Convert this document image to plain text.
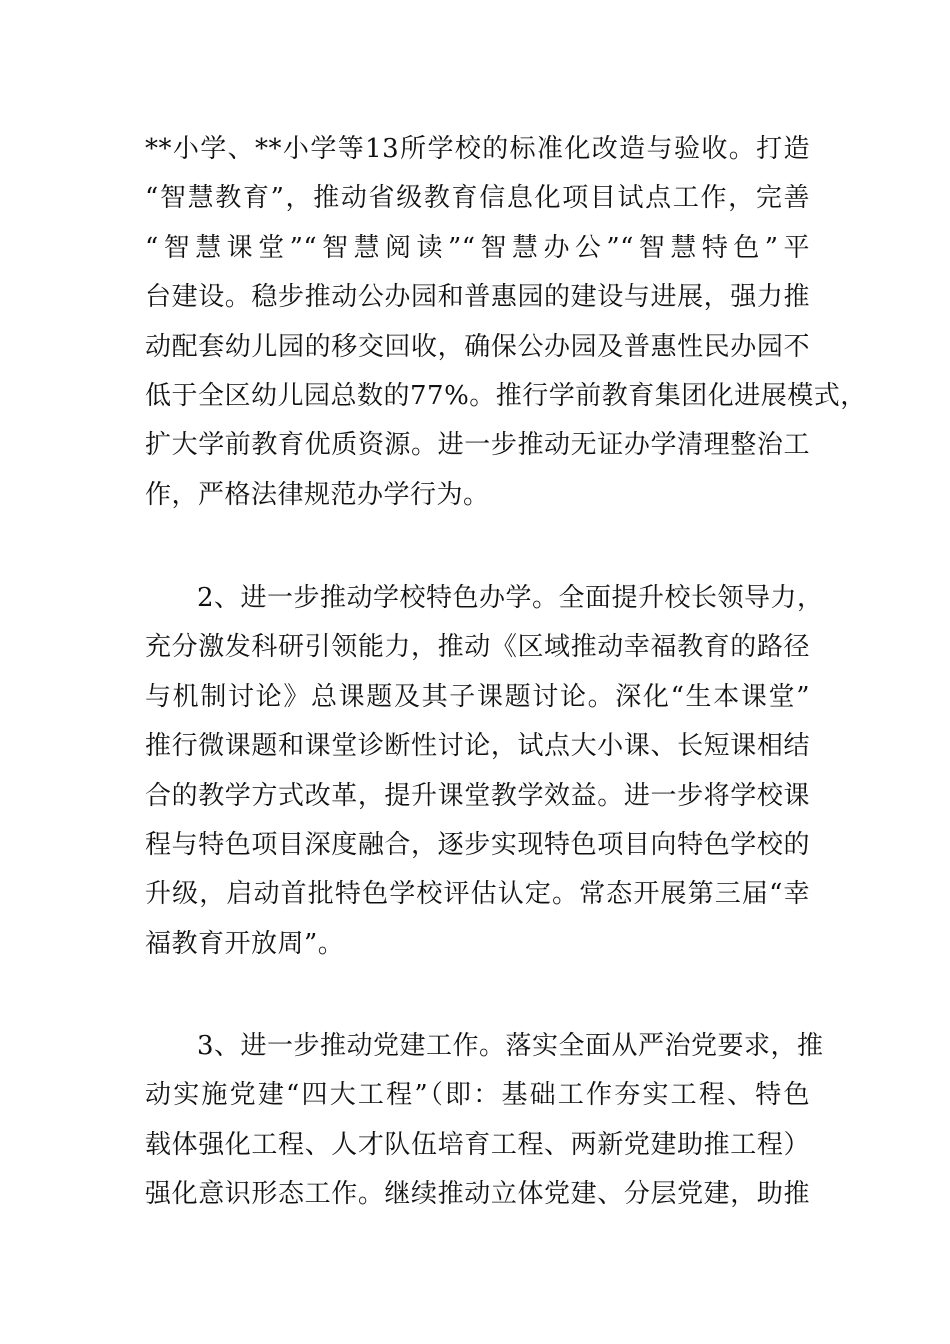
**小学、**小学等13所学校的标准化改造与验收。打造
“智慧教育”，推动省级教育信息化项目试点工作，完善
“智慧课堂”“智慧阅读”“智慧办公”“智慧特色”平
台建设。稳步推动公办园和普惠园的建设与进展，强力推
动配套幼儿园的移交回收，确保公办园及普惠性民办园不
低于全区幼儿园总数的77%。推行学前教育集团化进展模式，
扩大学前教育优质资源。进一步推动无证办学清理整治工
作，严格法律规范办学行为。
2、进一步推动学校特色办学。全面提升校长领导力，
充分激发科研引领能力，推动《区域推动幸福教育的路径
与机制讨论》总课题及其子课题讨论。深化“生本课堂”
推行微课题和课堂诊断性讨论，试点大小课、长短课相结
合的教学方式改革，提升课堂教学效益。进一步将学校课
程与特色项目深度融合，逐步实现特色项目向特色学校的
升级，启动首批特色学校评估认定。常态开展第三届“幸
福教育开放周”。
3、进一步推动党建工作。落实全面从严治党要求，推
动实施党建“四大工程”（即：基础工作夯实工程、特色
载体强化工程、人才队伍培育工程、两新党建助推工程）
强化意识形态工作。继续推动立体党建、分层党建，助推
